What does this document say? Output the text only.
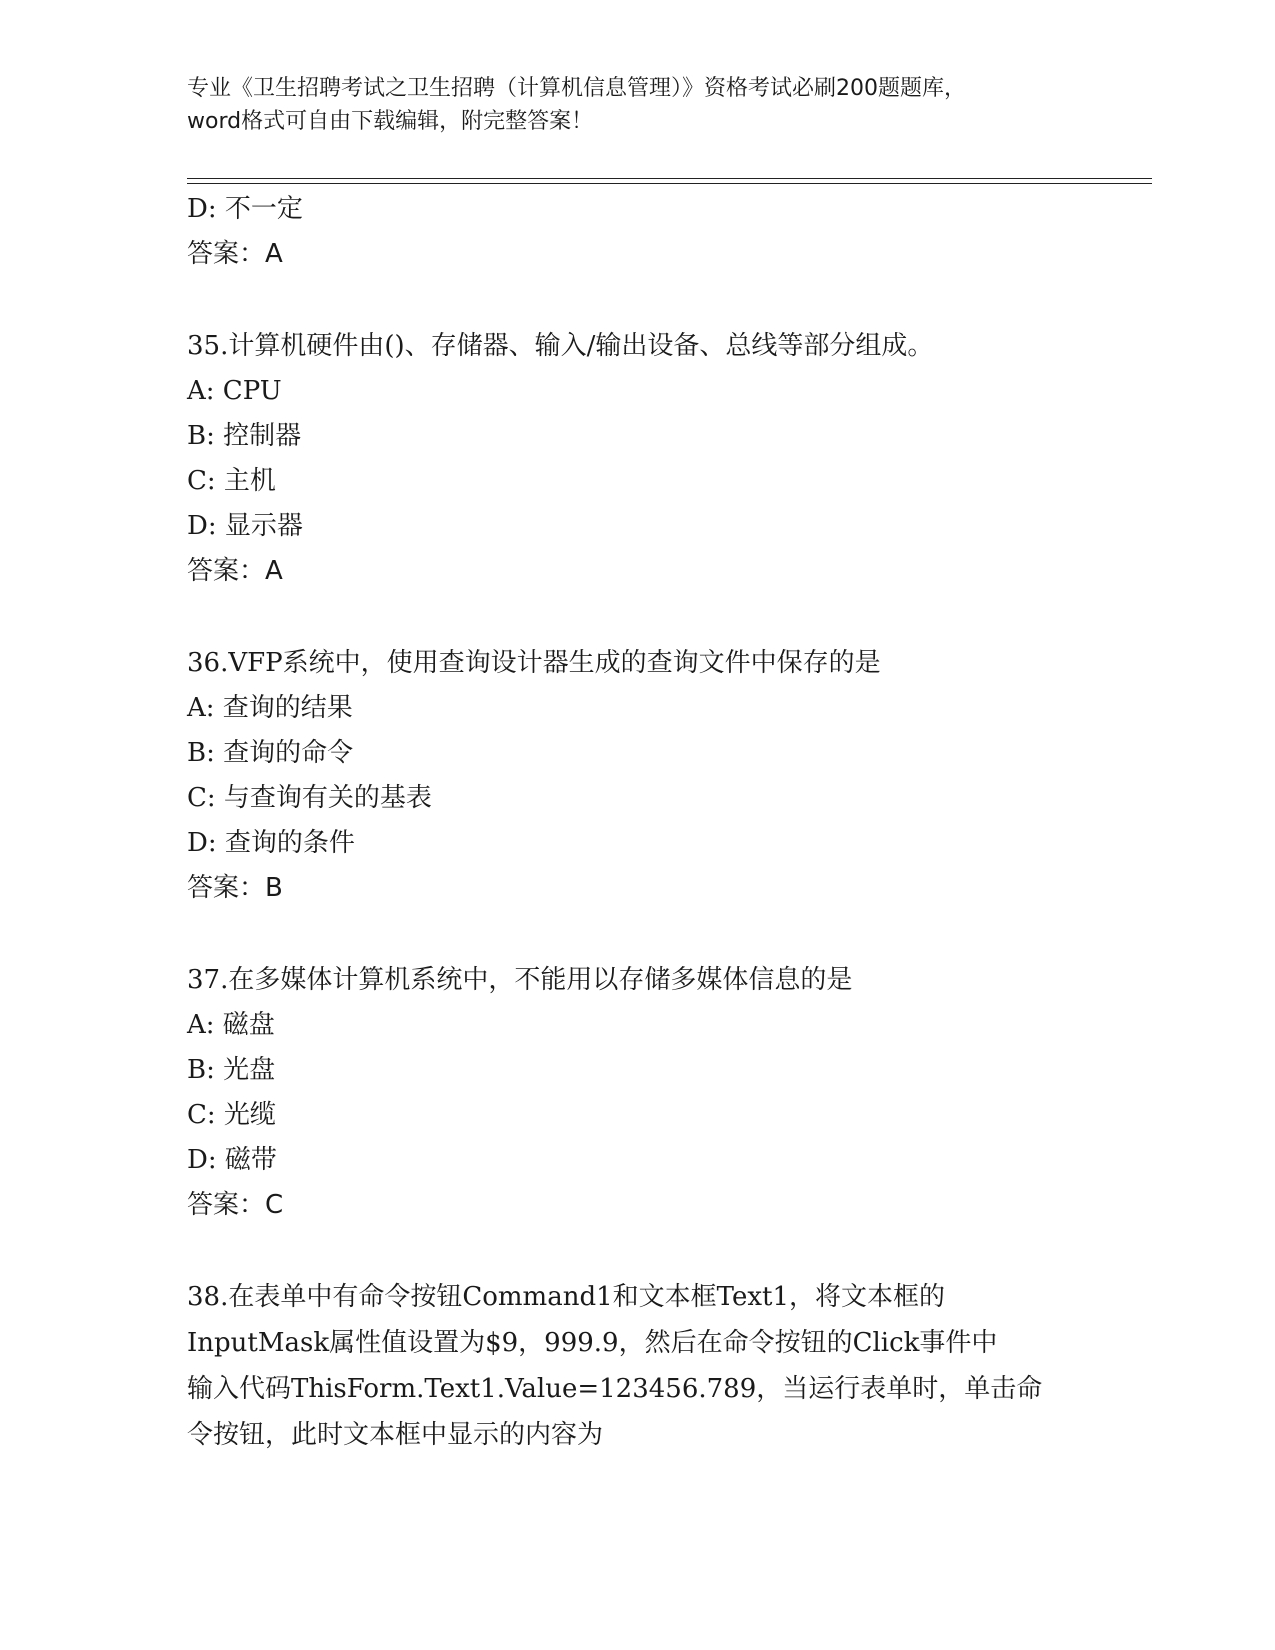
专业《卫生招聘考试之卫生招聘（计算机信息管理）》资格考试必刷200题题库，
word格式可自由下载编辑，附完整答案！
D: 不一定
答案：A
35.计算机硬件由()、存储器、输入/输出设备、总线等部分组成。
A: CPU
B: 控制器
C: 主机
D: 显示器
答案：A
36.VFP系统中，使用查询设计器生成的查询文件中保存的是
A: 查询的结果
B: 查询的命令
C: 与查询有关的基表
D: 查询的条件
答案：B
37.在多媒体计算机系统中，不能用以存储多媒体信息的是
A: 磁盘
B: 光盘
C: 光缆
D: 磁带
答案：C
38.在表单中有命令按钮Command1和文本框Text1，将文本框的
InputMask属性值设置为$9，999.9，然后在命令按钮的Click事件中
输入代码ThisForm.Text1.Value=123456.789，当运行表单时，单击命
令按钮，此时文本框中显示的内容为
